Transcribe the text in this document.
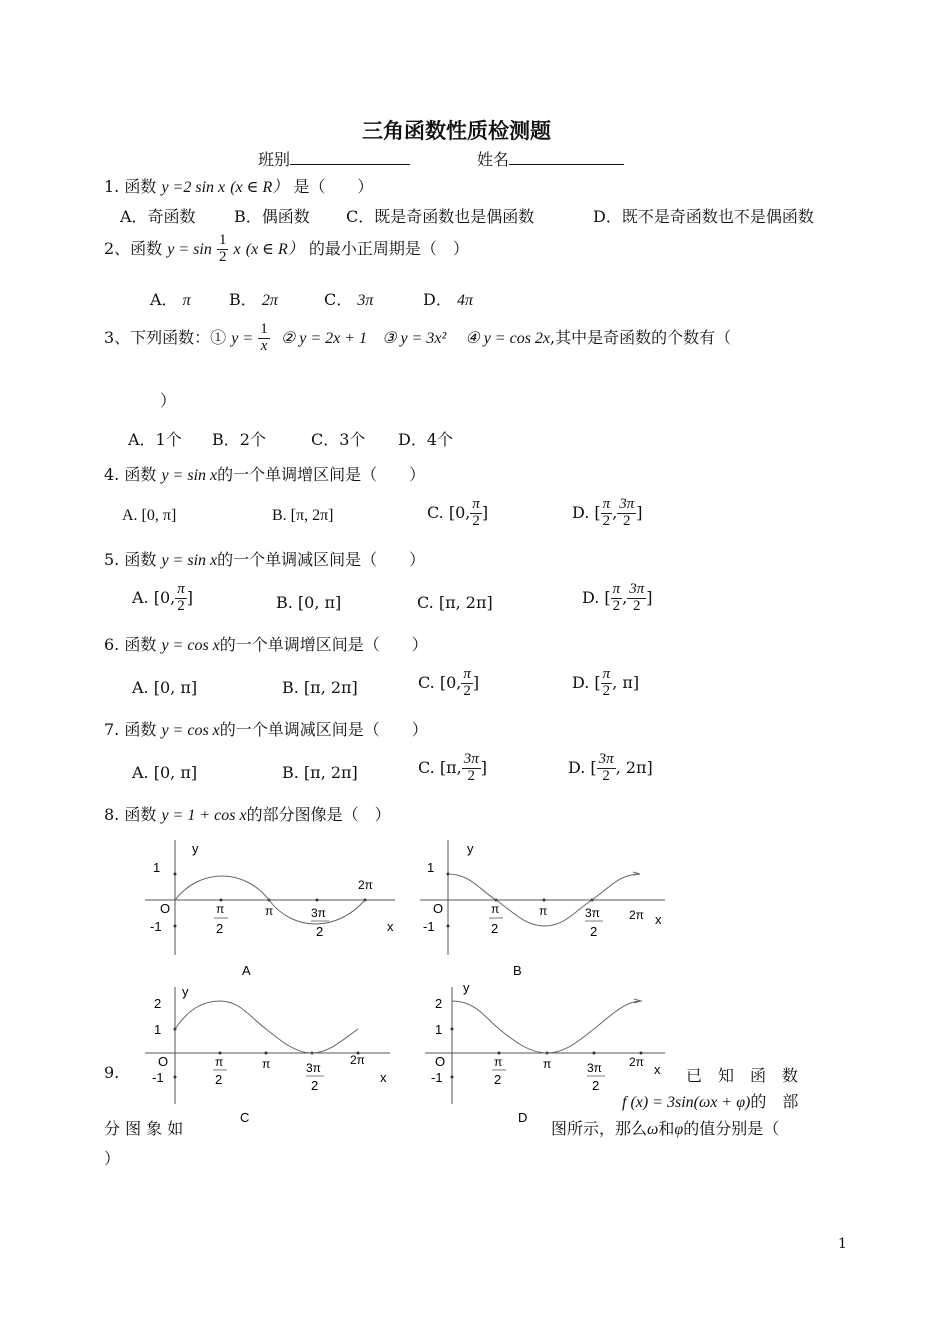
三角函数性质检测题
班别	姓名
1. 函数 y =2 sin x (x ∈ R） 是（　　）
A．奇函数 B．偶函数 C．既是奇函数也是偶函数	D．既不是奇函数也不是偶函数
2、函数 $y = \sin \frac{1}{2}$ x (x ∈ R） 的最小正周期是（　）
A． π B． 2π	C． 3π	D． 4π
3、下列函数：① $y = \frac{1}{x}$ ② y = 2x + 1 ③ y = 3x² ④ y = cos 2x,其中是奇函数的个数有（
）
A．1个 B．2个	C．3个 D．4个
4. 函数 y = sin x的一个单调增区间是（　　）
A. [0, π]	B. [π, 2π]	C. [0, $\frac{\pi}{2}$ ]	D. [ $\frac{\pi}{2}$ , $\frac{3\pi}{2}$ ]
5. 函数 y = sin x的一个单调减区间是（　　）
A. [0, $\frac{\pi}{2}$ ]	B. [0, π]	C. [π, 2π]	D. [ $\frac{\pi}{2}$ , $\frac{3\pi}{2}$ ]
6. 函数 y = cos x的一个单调增区间是（　　）
A. [0, π]	B. [π, 2π]	C. [0, $\frac{\pi}{2}$ ]	D. [ $\frac{\pi}{2}$ , π]
7. 函数 y = cos x的一个单调减区间是（　　）
A. [0, π]	B. [π, 2π]	C. [π, $\frac{3\pi}{2}$ ]	D. [ $\frac{3\pi}{2}$ , 2π]
8. 函数 y = 1 + cos x的部分图像是（　）
y
x
O
1
-1
π
2
π	3π
2
2π
A
y
x
O
1
-1
π
2
π	3π
2
2π
B
y
x
O
2
1
-1
π
2
π	3π
2
2π
C
y
x
O
2
1
-1
π
2
π	3π
2
2π
D
9.	已　知　函　数
f (x) = 3sin(ωx + φ)的　部
分 图 象 如	图所示，那么ω和φ的值分别是（
）
1
